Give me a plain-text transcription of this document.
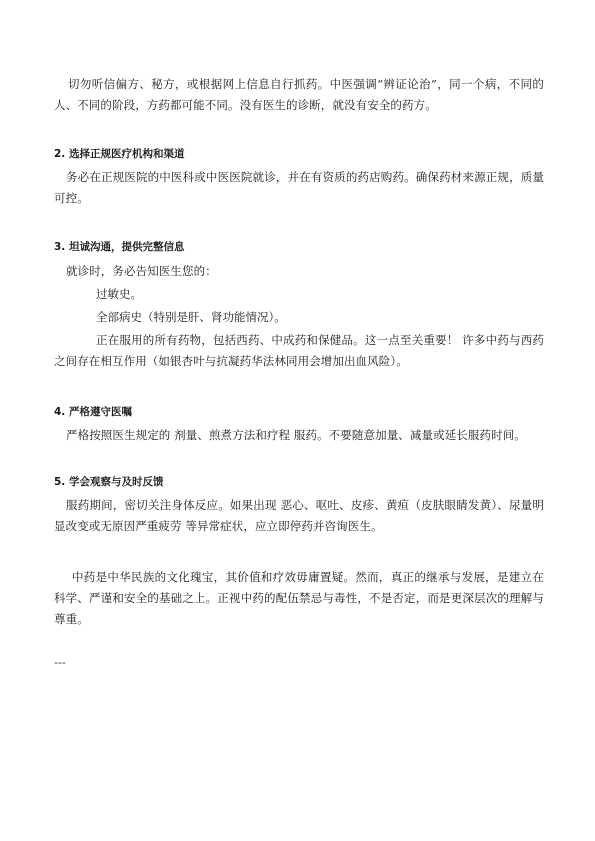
切勿听信偏方、秘方，或根据网上信息自行抓药。中医强调“辨证论治”，同一个病，不同的人、不同的阶段，方药都可能不同。没有医生的诊断，就没有安全的药方。

2. 选择正规医疗机构和渠道

务必在正规医院的中医科或中医医院就诊，并在有资质的药店购药。确保药材来源正规，质量可控。

3. 坦诚沟通，提供完整信息

就诊时，务必告知医生您的：

过敏史。

全部病史（特别是肝、肾功能情况）。

正在服用的所有药物，包括西药、中成药和保健品。这一点至关重要！ 许多中药与西药之间存在相互作用（如银杏叶与抗凝药华法林同用会增加出血风险）。

4. 严格遵守医嘱

严格按照医生规定的 剂量、煎煮方法和疗程 服药。不要随意加量、减量或延长服药时间。

5. 学会观察与及时反馈

服药期间，密切关注身体反应。如果出现 恶心、呕吐、皮疹、黄疸（皮肤眼睛发黄）、尿量明显改变或无原因严重疲劳 等异常症状，应立即停药并咨询医生。

中药是中华民族的文化瑰宝，其价值和疗效毋庸置疑。然而，真正的继承与发展，是建立在科学、严谨和安全的基础之上。正视中药的配伍禁忌与毒性，不是否定，而是更深层次的理解与尊重。

---
